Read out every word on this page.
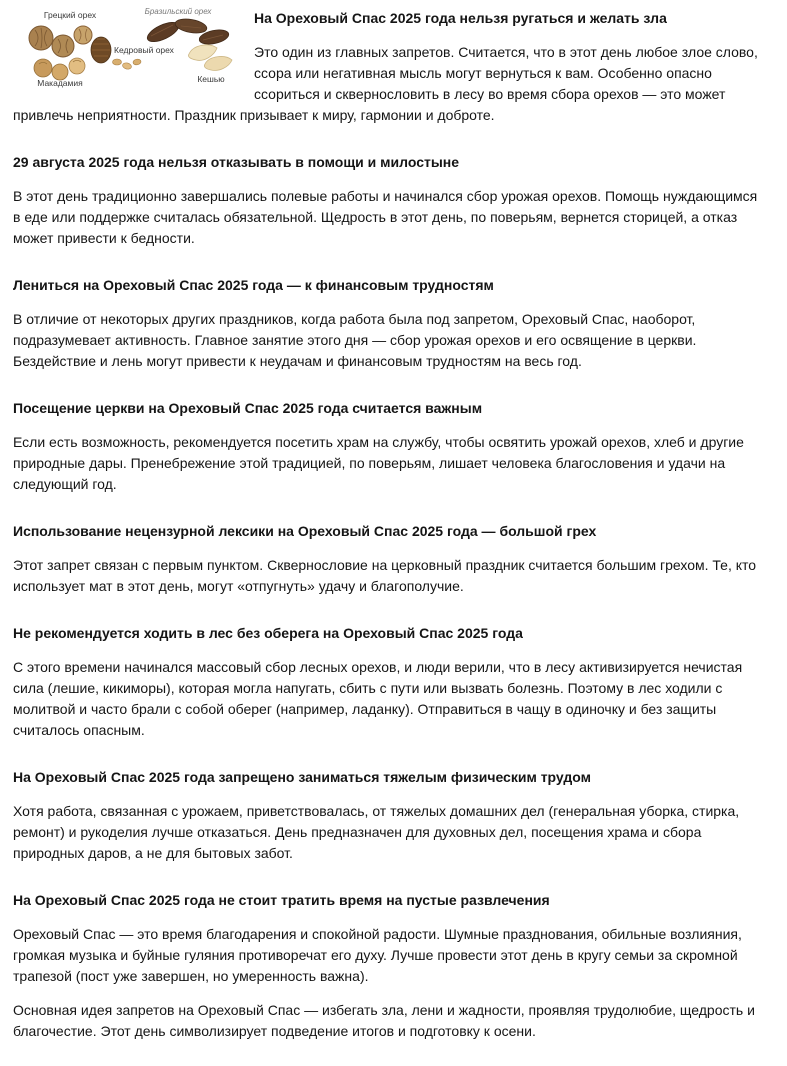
Грецкий орех	Бразильский орех
Кедровый орех
Макадамия	Кешью
На Ореховый Спас 2025 года нельзя ругаться и желать зла

Это один из главных запретов. Считается, что в этот день любое злое слово, ссора или негативная мысль могут вернуться к вам. Особенно опасно ссориться и сквернословить в лесу во время сбора орехов — это может привлечь неприятности. Праздник призывает к миру, гармонии и доброте.

29 августа 2025 года нельзя отказывать в помощи и милостыне

В этот день традиционно завершались полевые работы и начинался сбор урожая орехов. Помощь нуждающимся в еде или поддержке считалась обязательной. Щедрость в этот день, по поверьям, вернется сторицей, а отказ может привести к бедности.

Лениться на Ореховый Спас 2025 года — к финансовым трудностям

В отличие от некоторых других праздников, когда работа была под запретом, Ореховый Спас, наоборот, подразумевает активность. Главное занятие этого дня — сбор урожая орехов и его освящение в церкви. Бездействие и лень могут привести к неудачам и финансовым трудностям на весь год.

Посещение церкви на Ореховый Спас 2025 года считается важным

Если есть возможность, рекомендуется посетить храм на службу, чтобы освятить урожай орехов, хлеб и другие природные дары. Пренебрежение этой традицией, по поверьям, лишает человека благословения и удачи на следующий год.

Использование нецензурной лексики на Ореховый Спас 2025 года — большой грех

Этот запрет связан с первым пунктом. Сквернословие на церковный праздник считается большим грехом. Те, кто использует мат в этот день, могут «отпугнуть» удачу и благополучие.

Не рекомендуется ходить в лес без оберега на Ореховый Спас 2025 года

С этого времени начинался массовый сбор лесных орехов, и люди верили, что в лесу активизируется нечистая сила (лешие, кикиморы), которая могла напугать, сбить с пути или вызвать болезнь. Поэтому в лес ходили с молитвой и часто брали с собой оберег (например, ладанку). Отправиться в чащу в одиночку и без защиты считалось опасным.

На Ореховый Спас 2025 года запрещено заниматься тяжелым физическим трудом

Хотя работа, связанная с урожаем, приветствовалась, от тяжелых домашних дел (генеральная уборка, стирка, ремонт) и рукоделия лучше отказаться. День предназначен для духовных дел, посещения храма и сбора природных даров, а не для бытовых забот.

На Ореховый Спас 2025 года не стоит тратить время на пустые развлечения

Ореховый Спас — это время благодарения и спокойной радости. Шумные празднования, обильные возлияния, громкая музыка и буйные гуляния противоречат его духу. Лучше провести этот день в кругу семьи за скромной трапезой (пост уже завершен, но умеренность важна).

Основная идея запретов на Ореховый Спас — избегать зла, лени и жадности, проявляя трудолюбие, щедрость и благочестие. Этот день символизирует подведение итогов и подготовку к осени.
